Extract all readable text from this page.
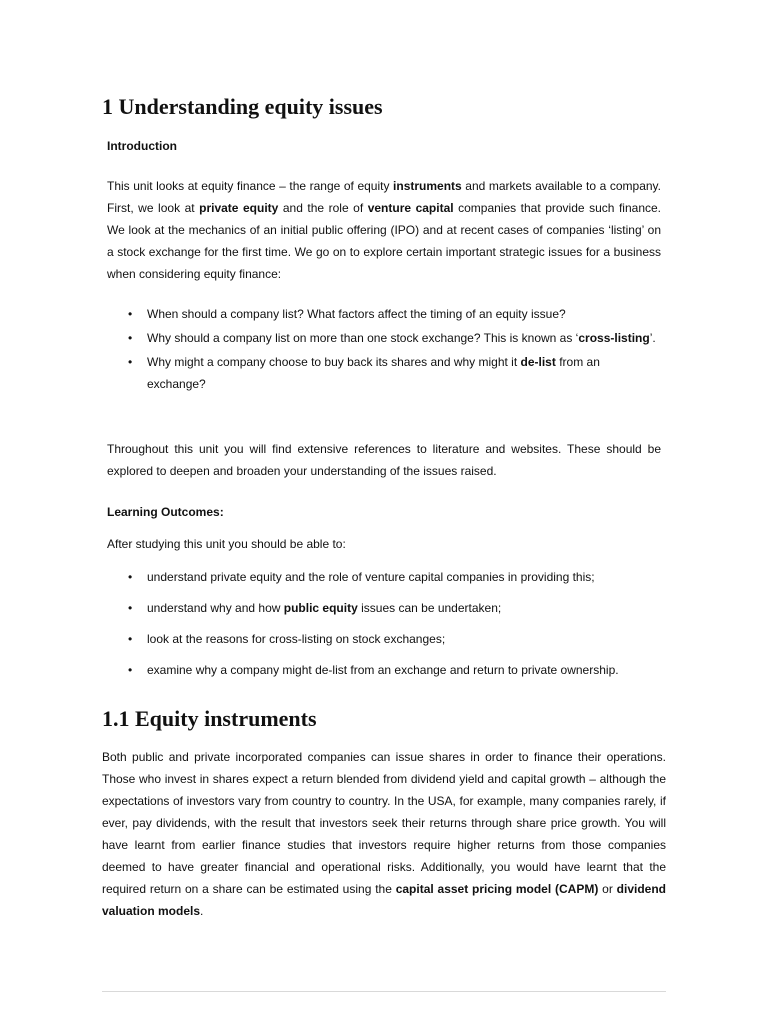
1 Understanding equity issues

Introduction

This unit looks at equity finance – the range of equity instruments and markets available to a company. First, we look at private equity and the role of venture capital companies that provide such finance. We look at the mechanics of an initial public offering (IPO) and at recent cases of companies ‘listing’ on a stock exchange for the first time. We go on to explore certain important strategic issues for a business when considering equity finance:

• When should a company list? What factors affect the timing of an equity issue?
• Why should a company list on more than one stock exchange? This is known as ‘cross-listing’.
• Why might a company choose to buy back its shares and why might it de-list from an exchange?

Throughout this unit you will find extensive references to literature and websites. These should be explored to deepen and broaden your understanding of the issues raised.

Learning Outcomes:

After studying this unit you should be able to:

• understand private equity and the role of venture capital companies in providing this;
• understand why and how public equity issues can be undertaken;
• look at the reasons for cross-listing on stock exchanges;
• examine why a company might de-list from an exchange and return to private ownership.
1.1 Equity instruments

Both public and private incorporated companies can issue shares in order to finance their operations. Those who invest in shares expect a return blended from dividend yield and capital growth – although the expectations of investors vary from country to country. In the USA, for example, many companies rarely, if ever, pay dividends, with the result that investors seek their returns through share price growth. You will have learnt from earlier finance studies that investors require higher returns from those companies deemed to have greater financial and operational risks. Additionally, you would have learnt that the required return on a share can be estimated using the capital asset pricing model (CAPM) or dividend valuation models.
